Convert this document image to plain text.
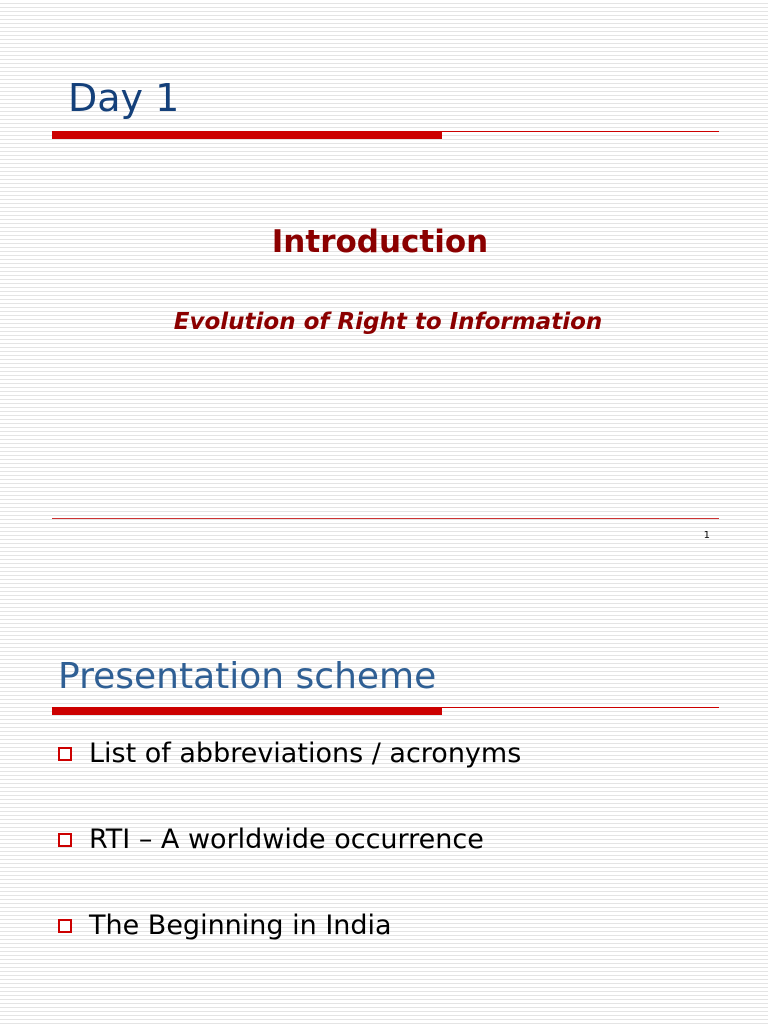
Day 1
Introduction

Evolution of Right to Information

1
Presentation scheme
List of abbreviations / acronyms
RTI – A worldwide occurrence
The Beginning in India
